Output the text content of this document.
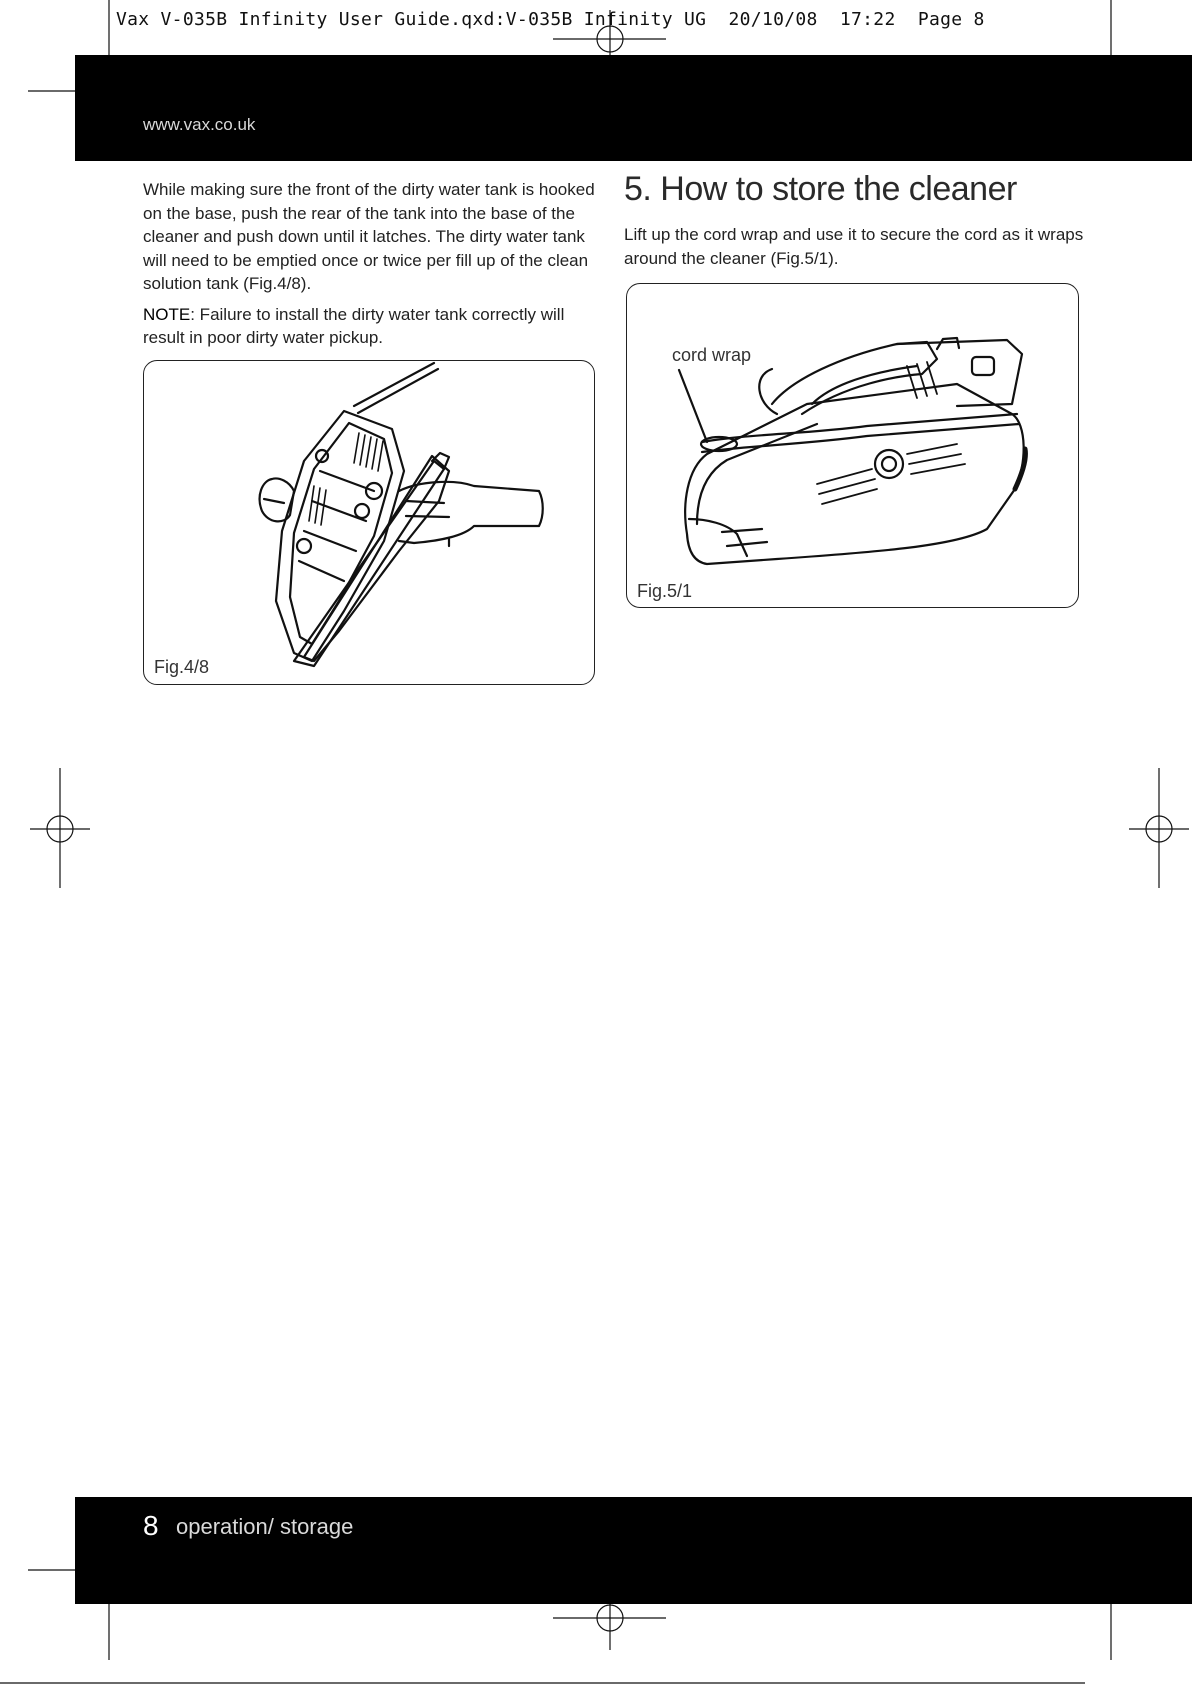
Vax V-035B Infinity User Guide.qxd:V-035B Infinity UG  20/10/08  17:22  Page 8
www.vax.co.uk

While making sure the front of the dirty water tank is hooked on the base, push the rear of the tank into the base of the cleaner and push down until it latches. The dirty water tank will need to be emptied once or twice per fill up of the clean solution tank (Fig.4/8).

NOTE: Failure to install the dirty water tank correctly will result in poor dirty water pickup.

Fig.4/8
5. How to store the cleaner

Lift up the cord wrap and use it to secure the cord as it wraps around the cleaner (Fig.5/1).

cord wrap
Fig.5/1
8 operation/ storage
